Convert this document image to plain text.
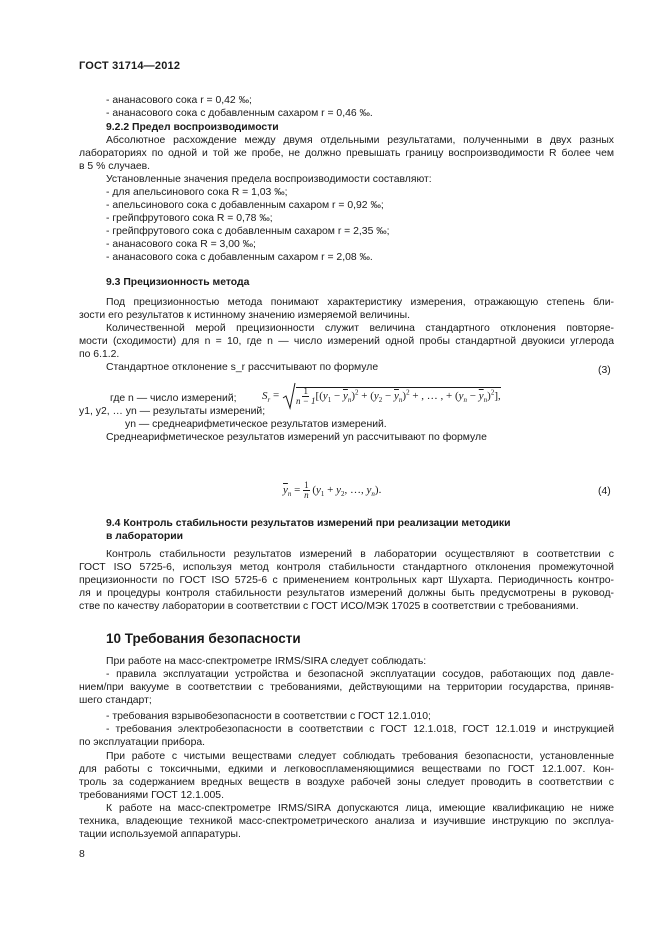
ГОСТ 31714—2012
- ананасового сока r = 0,42 ‰;
- ананасового сока с добавленным сахаром r = 0,46 ‰.
9.2.2 Предел воспроизводимости
Абсолютное расхождение между двумя отдельными результатами, полученными в двух разных
лабораториях по одной и той же пробе, не должно превышать границу воспроизводимости R более чем
в 5 % случаев.
Установленные значения предела воспроизводимости составляют:
- для апельсинового сока R = 1,03 ‰;
- апельсинового сока с добавленным сахаром r = 0,92 ‰;
- грейпфрутового сока R = 0,78 ‰;
- грейпфрутового сока с добавленным сахаром r = 2,35 ‰;
- ананасового сока R = 3,00 ‰;
- ананасового сока с добавленным сахаром r = 2,08 ‰.
9.3 Прецизионность метода
Под прецизионностью метода понимают характеристику измерения, отражающую степень бли-
зости его результатов к истинному значению измеряемой величины.
Количественной мерой прецизионности служит величина стандартного отклонения повторяе-
мости (сходимости) для n = 10, где n — число измерений одной пробы стандартной двуокиси углерода
по 6.1.2.
Стандартное отклонение s_r рассчитывают по формуле
$S_r = \frac{1}{n - 1} [(y_1 - \overline{y}_n)^2 + (y_2 - \overline{y}_n)^2$ + , … , + $(y_n - \overline{y}_n)^2$],
(3)
где n — число измерений;
y1, y2, … yn — результаты измерений;
yn — среднеарифметическое результатов измерений.
Среднеарифметическое результатов измерений yn рассчитывают по формуле
$\overline{y}_n = \frac{1}{n} (y_1 + y_2$, …, $y_n$).	(4)
9.4 Контроль стабильности результатов измерений при реализации методики
в лаборатории
Контроль стабильности результатов измерений в лаборатории осуществляют в соответствии с
ГОСТ ISO 5725-6, используя метод контроля стабильности стандартного отклонения промежуточной
прецизионности по ГОСТ ISO 5725-6 с применением контрольных карт Шухарта. Периодичность контро-
ля и процедуры контроля стабильности результатов измерений должны быть предусмотрены в руковод-
стве по качеству лаборатории в соответствии с ГОСТ ИСО/МЭК 17025 в соответствии с требованиями.
10 Требования безопасности
При работе на масс-спектрометре IRMS/SIRA следует соблюдать:
- правила эксплуатации устройства и безопасной эксплуатации сосудов, работающих под давле-
нием/при вакууме в соответствии с требованиями, действующими на территории государства, приняв-
шего стандарт;
- требования взрывобезопасности в соответствии с ГОСТ 12.1.010;
- требования электробезопасности в соответствии с ГОСТ 12.1.018, ГОСТ 12.1.019 и инструкцией
по эксплуатации прибора.
При работе с чистыми веществами следует соблюдать требования безопасности, установленные
для работы с токсичными, едкими и легковоспламеняющимися веществами по ГОСТ 12.1.007. Кон-
троль за содержанием вредных веществ в воздухе рабочей зоны следует проводить в соответствии с
требованиями ГОСТ 12.1.005.
К работе на масс-спектрометре IRMS/SIRA допускаются лица, имеющие квалификацию не ниже
техника, владеющие техникой масс-спектрометрического анализа и изучившие инструкцию по эксплуа-
тации используемой аппаратуры.
8
